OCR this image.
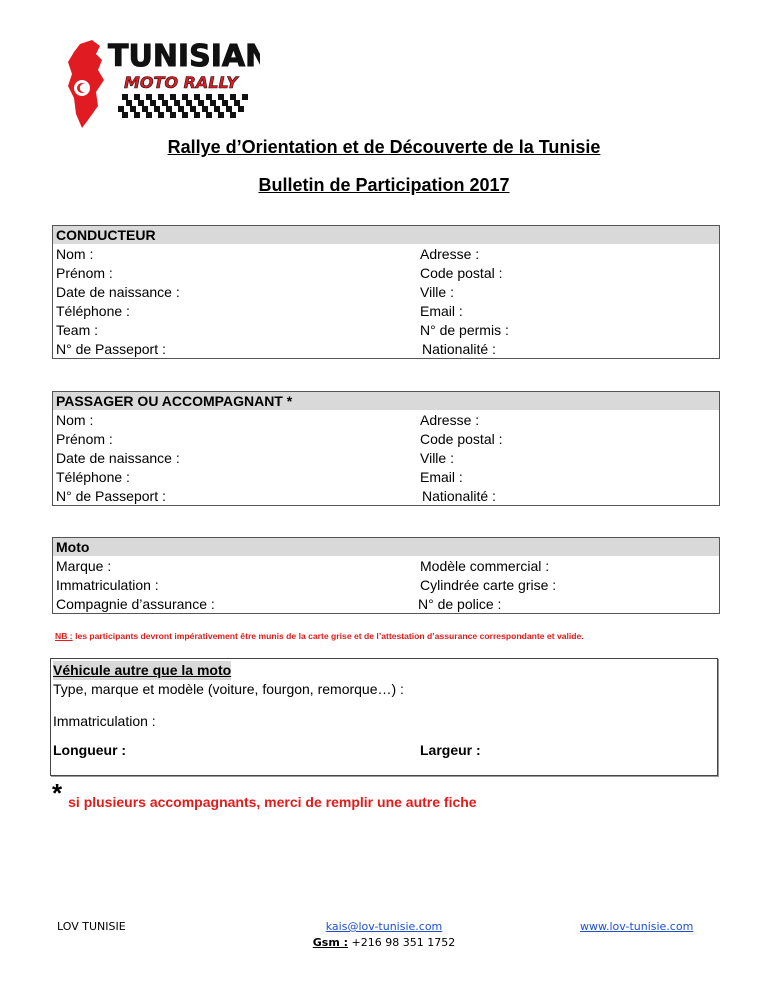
TUNISIAN
MOTO RALLY
Rallye d’Orientation et de Découverte de la Tunisie
Bulletin de Participation 2017
CONDUCTEUR
Nom :
Prénom :
Date de naissance :
Téléphone :
Team :
N° de Passeport :
Adresse :
Code postal :
Ville :
Email :
N° de permis :
Nationalité :
PASSAGER OU ACCOMPAGNANT *
Nom :
Prénom :
Date de naissance :
Téléphone :
N° de Passeport :
Adresse :
Code postal :
Ville :
Email :
Nationalité :
Moto
Marque :
Immatriculation :
Compagnie d’assurance :
Modèle commercial :
Cylindrée carte grise :
N° de police :
NB : les participants devront impérativement être munis de la carte grise et de l’attestation d’assurance correspondante et valide.
Véhicule autre que la moto
Type, marque et modèle (voiture, fourgon, remorque…) :
Immatriculation :
Longueur :	Largeur :
* si plusieurs accompagnants, merci de remplir une autre fiche
LOV TUNISIE	kais@lov-tunisie.com
Gsm : +216 98 351 1752
www.lov-tunisie.com
